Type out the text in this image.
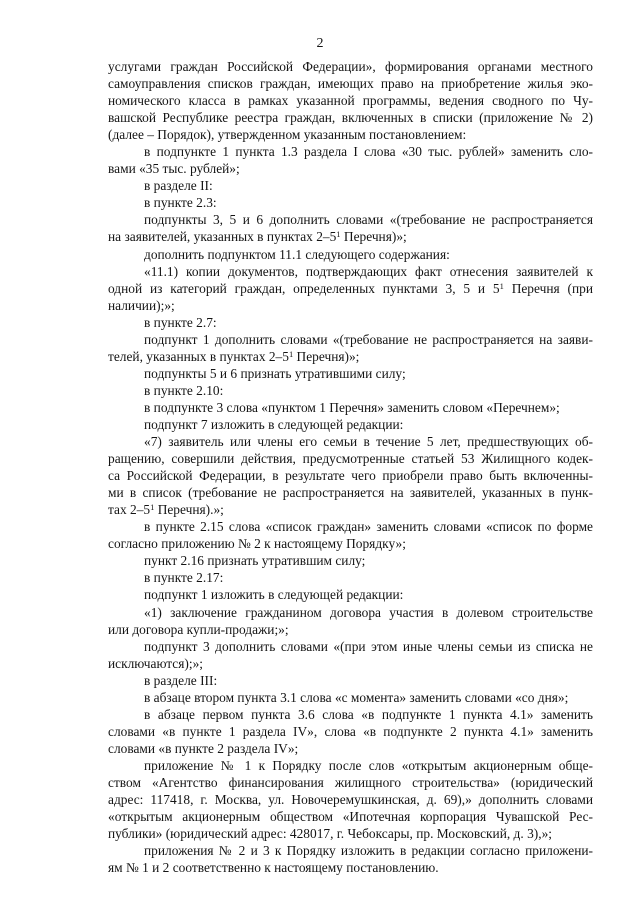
2
услугами граждан Российской Федерации», формирования органами местного
самоуправления списков граждан, имеющих право на приобретение жилья эко-
номического класса в рамках указанной программы, ведения сводного по Чу-
вашской Республике реестра граждан, включенных в списки (приложение № 2)
(далее – Порядок), утвержденном указанным постановлением:
в подпункте 1 пункта 1.3 раздела I слова «30 тыс. рублей» заменить сло-
вами «35 тыс. рублей»;
в разделе II:
в пункте 2.3:
подпункты 3, 5 и 6 дополнить словами «(требование не распространяется
на заявителей, указанных в пунктах $2-5^1$ Перечня)»;
дополнить подпунктом 11.1 следующего содержания:
«11.1) копии документов, подтверждающих факт отнесения заявителей к
одной из категорий граждан, определенных пунктами 3, 5 и $5^1$ Перечня (при
наличии);»;
в пункте 2.7:
подпункт 1 дополнить словами «(требование не распространяется на заяви-
телей, указанных в пунктах $2-5^1$ Перечня)»;
подпункты 5 и 6 признать утратившими силу;
в пункте 2.10:
в подпункте 3 слова «пунктом 1 Перечня» заменить словом «Перечнем»;
подпункт 7 изложить в следующей редакции:
«7) заявитель или члены его семьи в течение 5 лет, предшествующих об-
ращению, совершили действия, предусмотренные статьей 53 Жилищного кодек-
са Российской Федерации, в результате чего приобрели право быть включенны-
ми в список (требование не распространяется на заявителей, указанных в пунк-
тах $2-5^1$ Перечня).»;
в пункте 2.15 слова «список граждан» заменить словами «список по форме
согласно приложению № 2 к настоящему Порядку»;
пункт 2.16 признать утратившим силу;
в пункте 2.17:
подпункт 1 изложить в следующей редакции:
«1) заключение гражданином договора участия в долевом строительстве
или договора купли-продажи;»;
подпункт 3 дополнить словами «(при этом иные члены семьи из списка не
исключаются);»;
в разделе III:
в абзаце втором пункта 3.1 слова «с момента» заменить словами «со дня»;
в абзаце первом пункта 3.6 слова «в подпункте 1 пункта 4.1» заменить
словами «в пункте 1 раздела IV», слова «в подпункте 2 пункта 4.1» заменить
словами «в пункте 2 раздела IV»;
приложение № 1 к Порядку после слов «открытым акционерным обще-
ством «Агентство финансирования жилищного строительства» (юридический
адрес: 117418, г. Москва, ул. Новочеремушкинская, д. 69),» дополнить словами
«открытым акционерным обществом «Ипотечная корпорация Чувашской Рес-
публики» (юридический адрес: 428017, г. Чебоксары, пр. Московский, д. 3),»;
приложения № 2 и 3 к Порядку изложить в редакции согласно приложени-
ям № 1 и 2 соответственно к настоящему постановлению.
